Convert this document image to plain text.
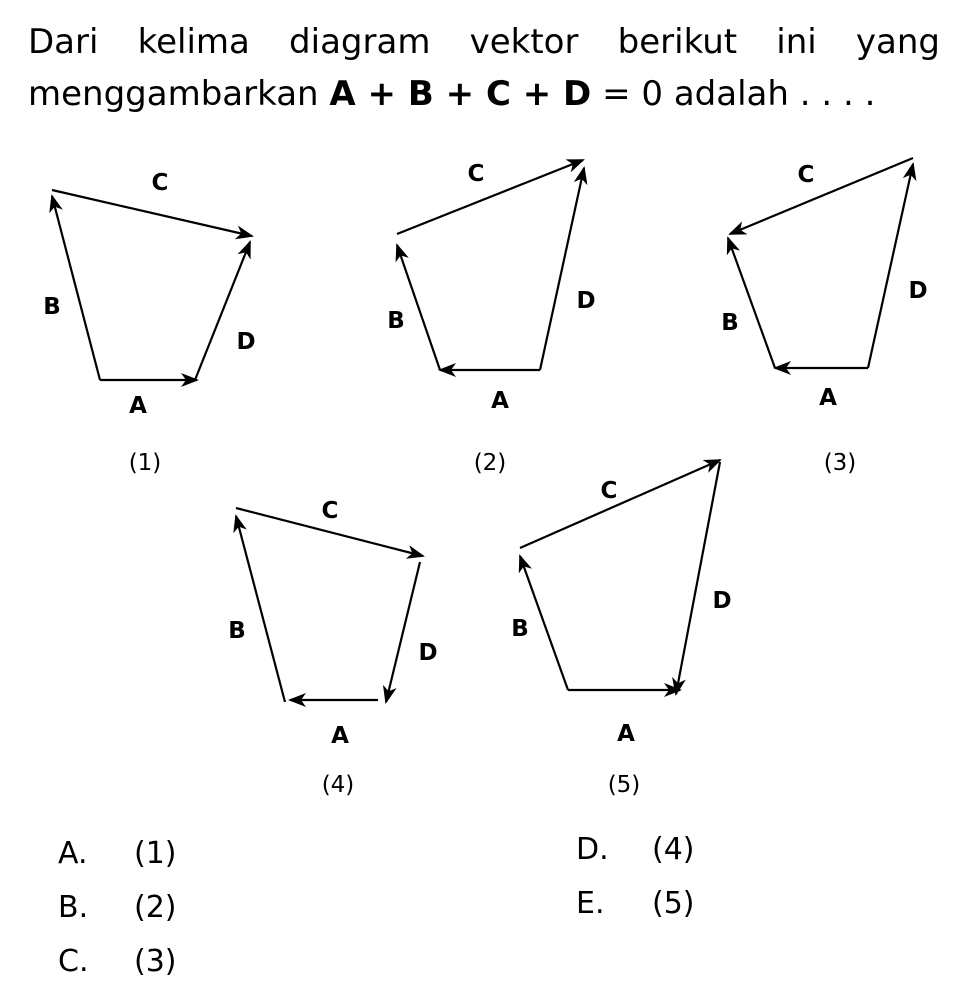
Dari kelima diagram vektor berikut ini yang menggambarkan A + B + C + D = 0 adalah . . . .
A
B
C
D
(1)
A
B
C
D
(2)
A
B
C
D
(3)
A
B
C
D
(4)
A
B
C
D
(5)
A. (1)
B. (2)
C. (3)
D. (4)
E. (5)
